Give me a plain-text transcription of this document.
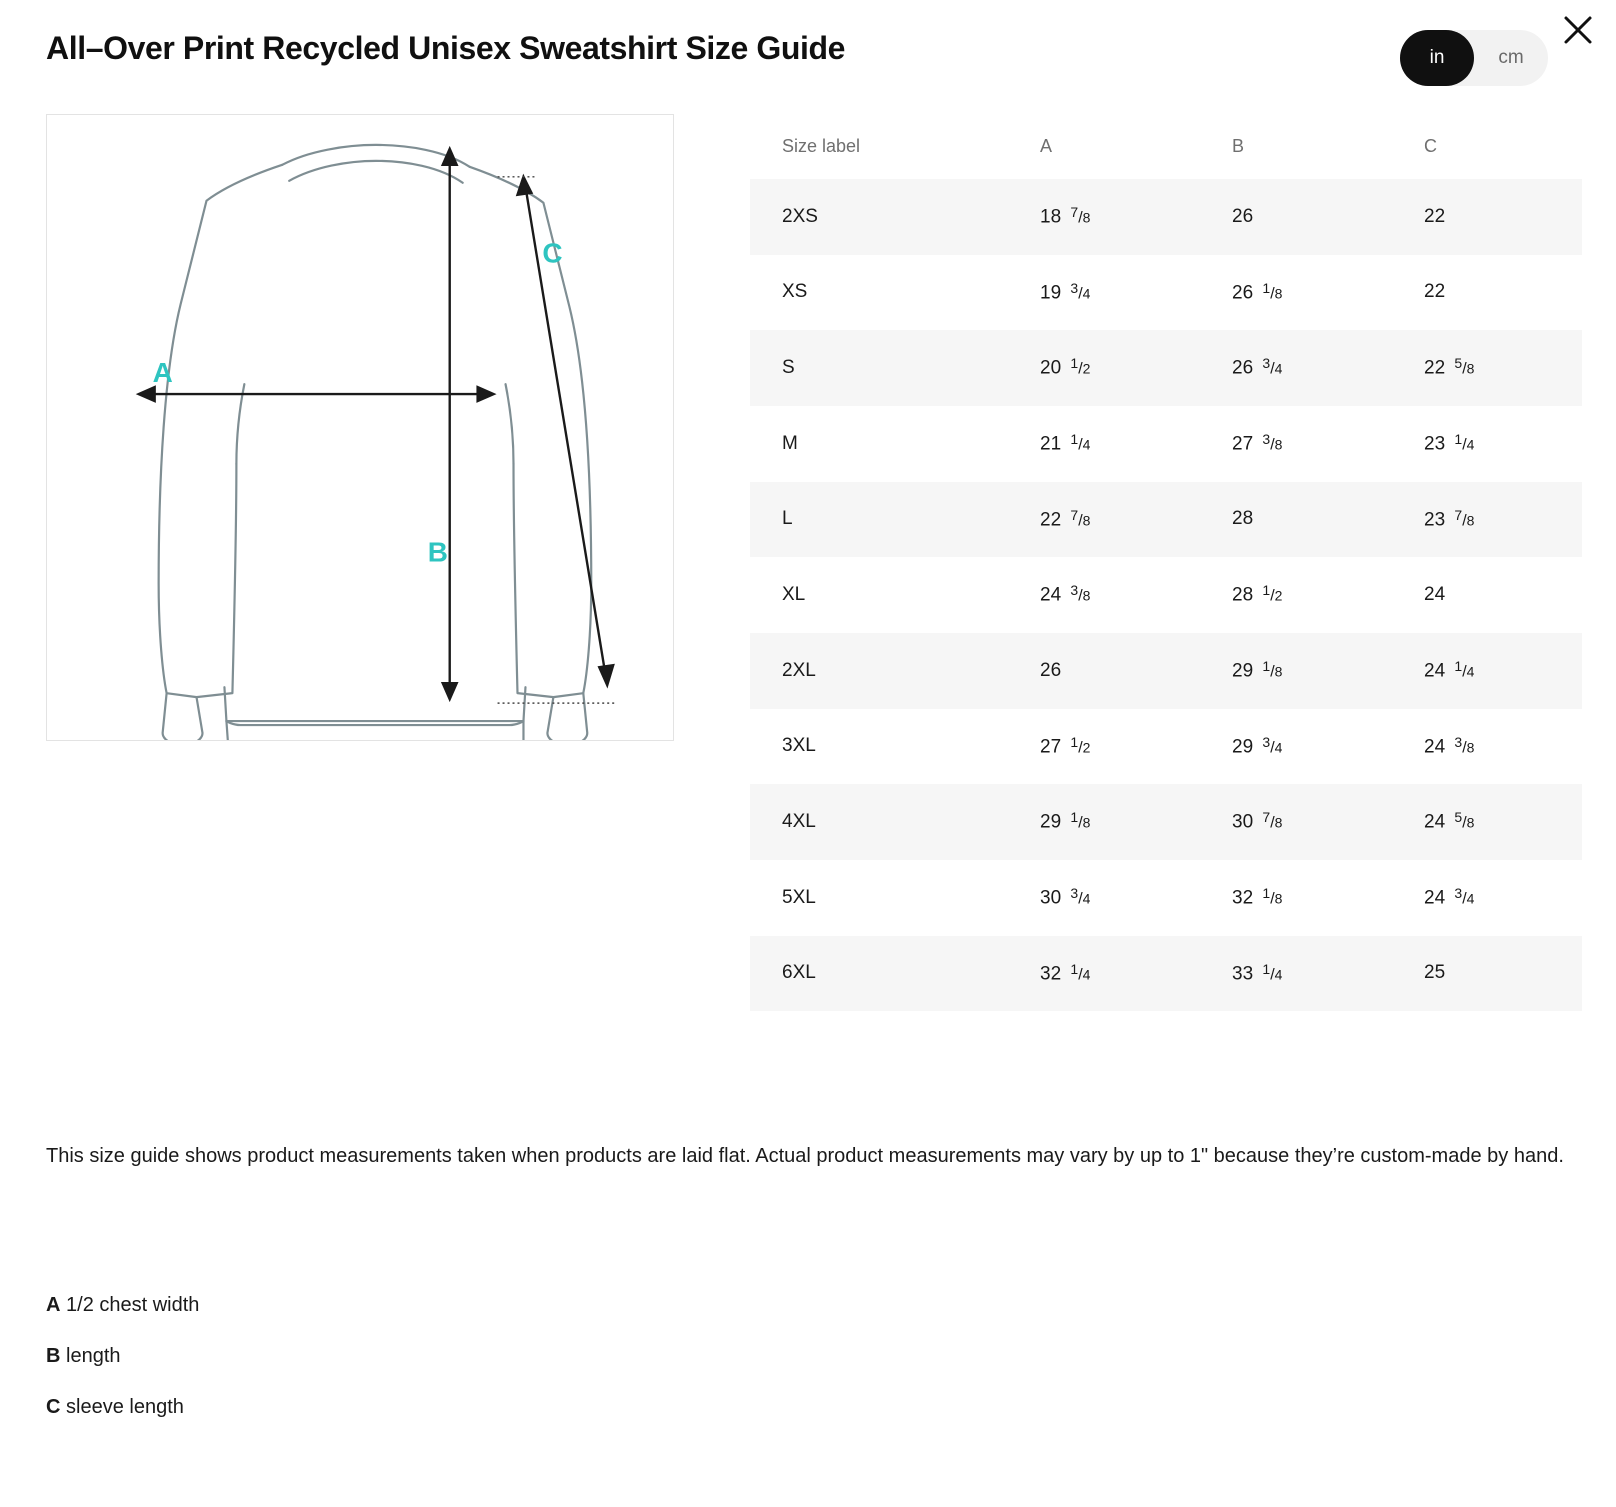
All–Over Print Recycled Unisex Sweatshirt Size Guide	in	cm
A
B
C
Size label	A	B	C
2XS	18 $^7$/8	26	22
XS	19 $^3$/4	26 $^1$/8	22
S	20 $^1$/2	26 $^3$/4	22 $^5$/8
M	21 $^1$/4	27 $^3$/8	23 $^1$/4
L	22 $^7$/8	28	23 $^7$/8
XL	24 $^3$/8	28 $^1$/2	24
2XL	26	29 $^1$/8	24 $^1$/4
3XL	27 $^1$/2	29 $^3$/4	24 $^3$/8
4XL	29 $^1$/8	30 $^7$/8	24 $^5$/8
5XL	30 $^3$/4	32 $^1$/8	24 $^3$/4
6XL	32 $^1$/4	33 $^1$/4	25
This size guide shows product measurements taken when products are laid flat. Actual product measurements may vary by up to 1" because they’re custom-made by hand.
A 1/2 chest width
B length
C sleeve length
